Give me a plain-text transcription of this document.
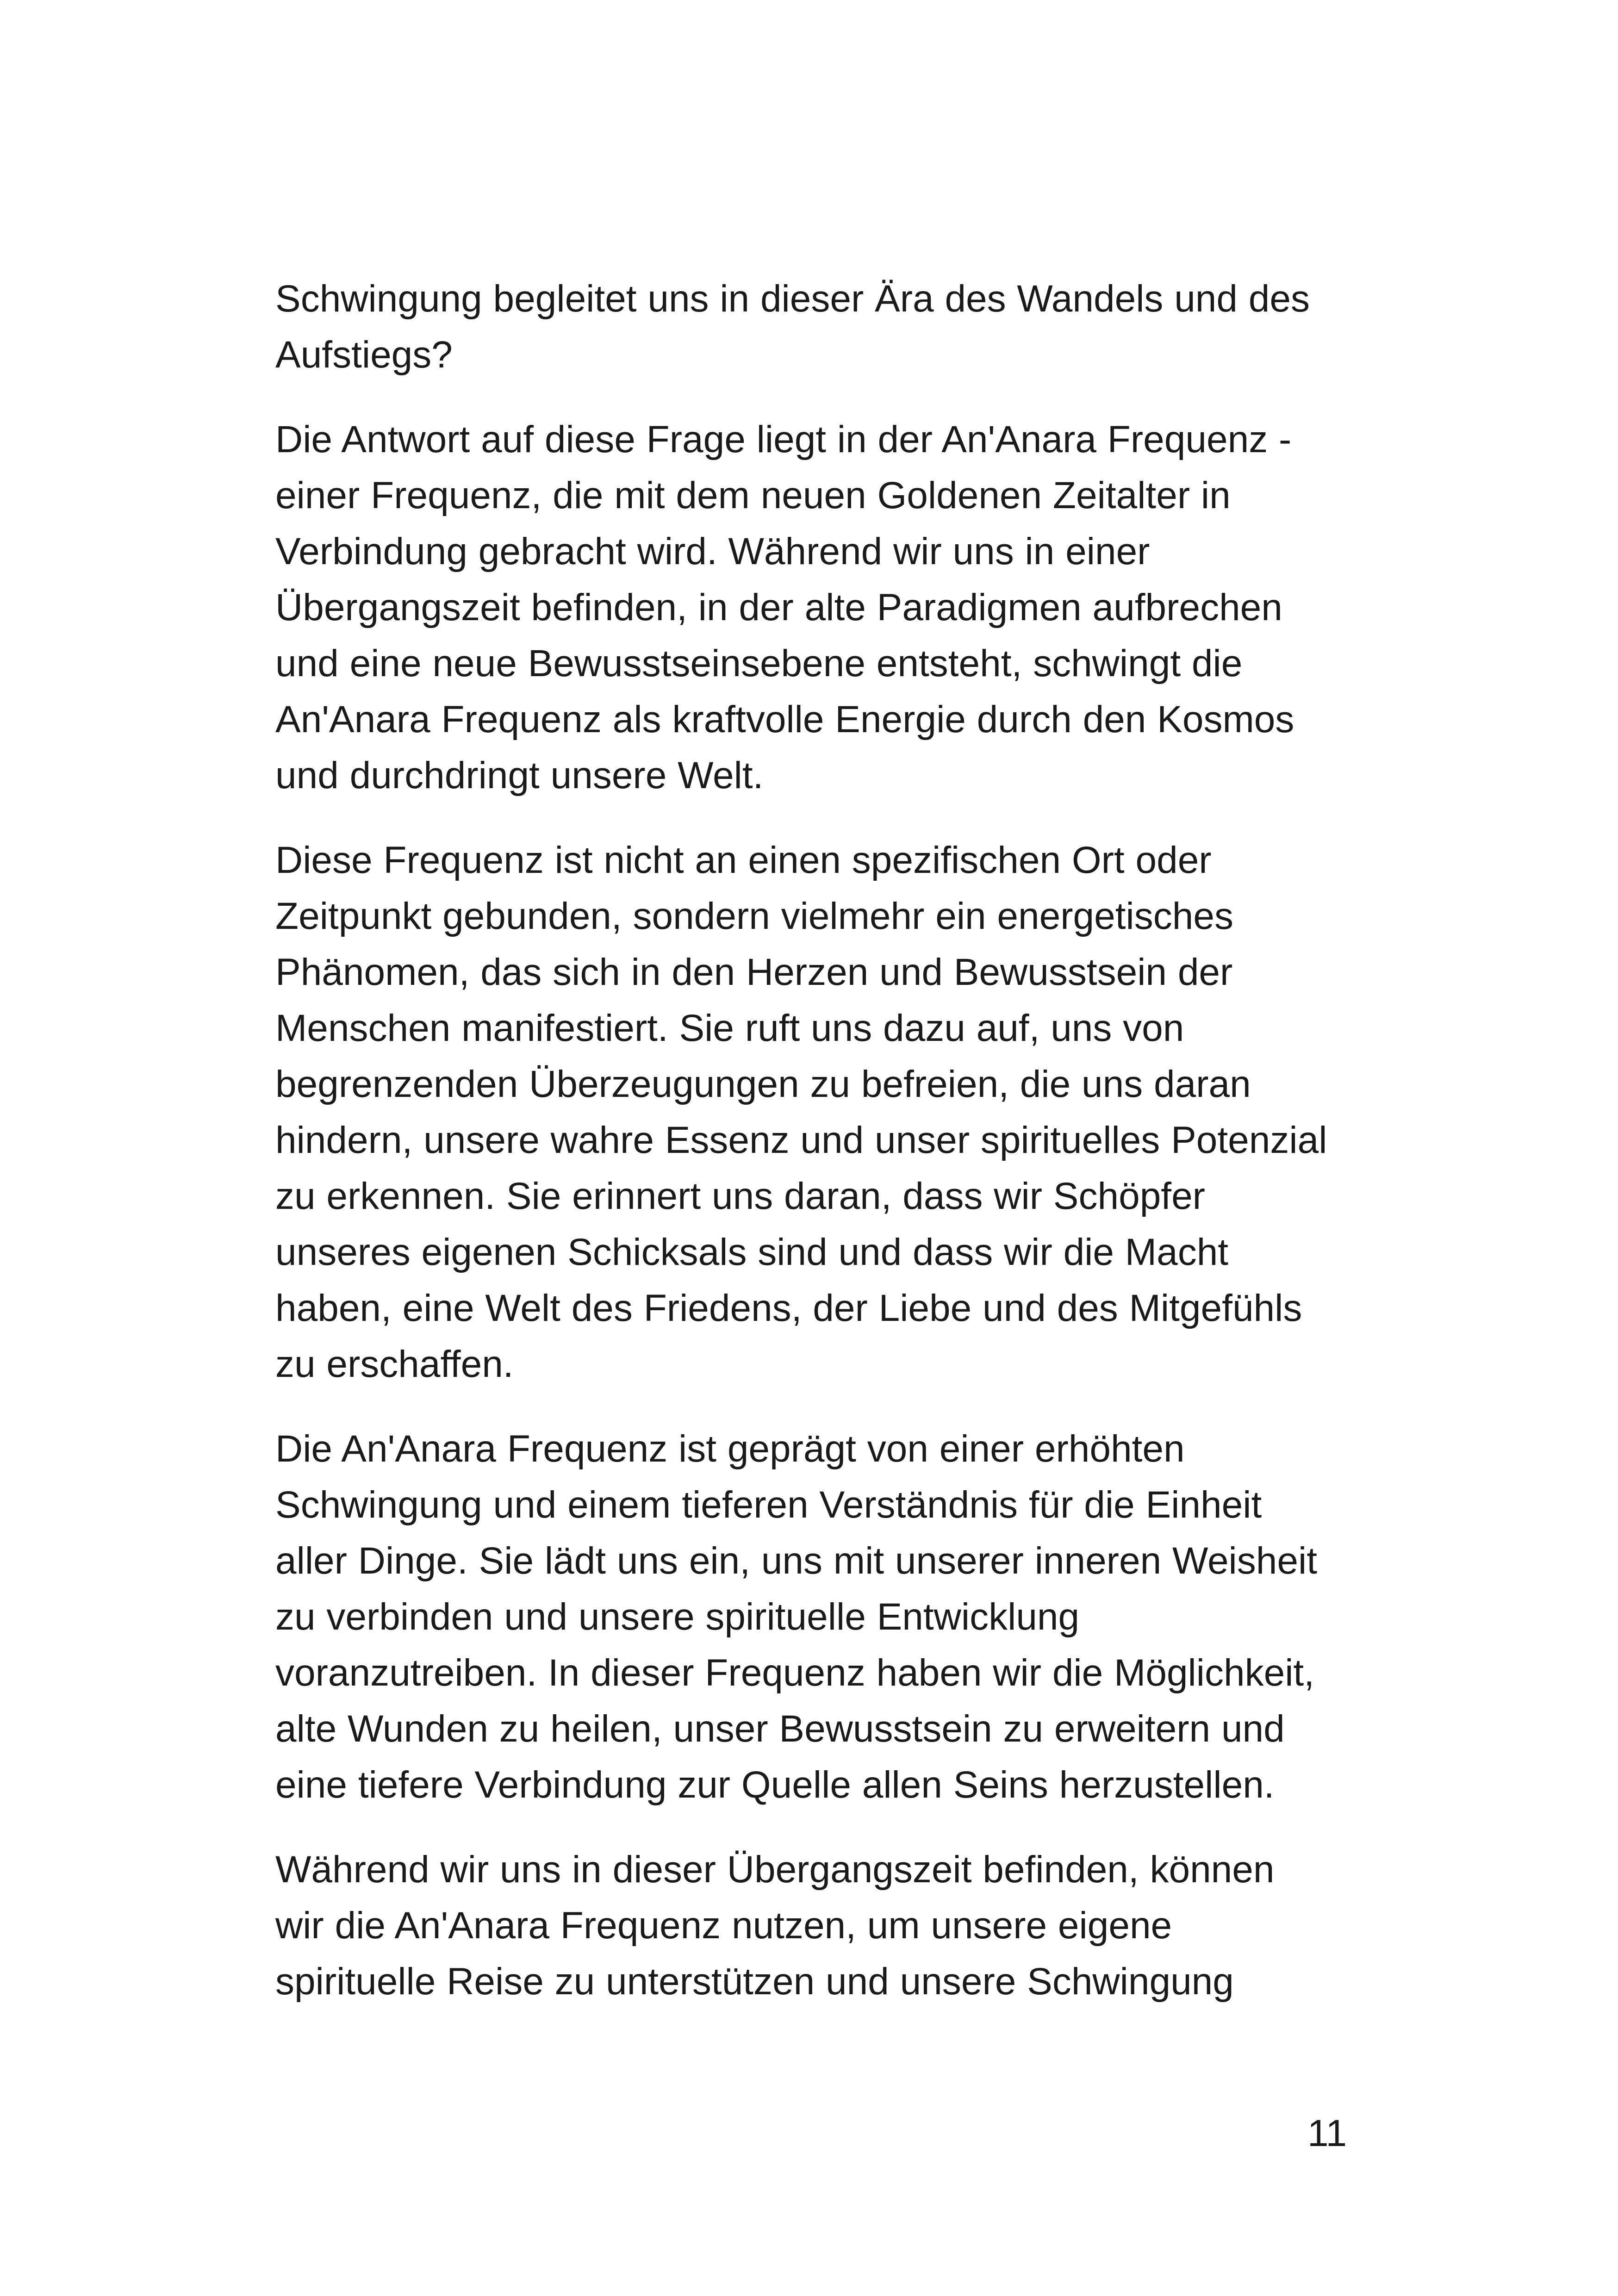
Schwingung begleitet uns in dieser Ära des Wandels und des
Aufstiegs?

Die Antwort auf diese Frage liegt in der An'Anara Frequenz -
einer Frequenz, die mit dem neuen Goldenen Zeitalter in
Verbindung gebracht wird. Während wir uns in einer
Übergangszeit befinden, in der alte Paradigmen aufbrechen
und eine neue Bewusstseinsebene entsteht, schwingt die
An'Anara Frequenz als kraftvolle Energie durch den Kosmos
und durchdringt unsere Welt.

Diese Frequenz ist nicht an einen spezifischen Ort oder
Zeitpunkt gebunden, sondern vielmehr ein energetisches
Phänomen, das sich in den Herzen und Bewusstsein der
Menschen manifestiert. Sie ruft uns dazu auf, uns von
begrenzenden Überzeugungen zu befreien, die uns daran
hindern, unsere wahre Essenz und unser spirituelles Potenzial
zu erkennen. Sie erinnert uns daran, dass wir Schöpfer
unseres eigenen Schicksals sind und dass wir die Macht
haben, eine Welt des Friedens, der Liebe und des Mitgefühls
zu erschaffen.

Die An'Anara Frequenz ist geprägt von einer erhöhten
Schwingung und einem tieferen Verständnis für die Einheit
aller Dinge. Sie lädt uns ein, uns mit unserer inneren Weisheit
zu verbinden und unsere spirituelle Entwicklung
voranzutreiben. In dieser Frequenz haben wir die Möglichkeit,
alte Wunden zu heilen, unser Bewusstsein zu erweitern und
eine tiefere Verbindung zur Quelle allen Seins herzustellen.

Während wir uns in dieser Übergangszeit befinden, können
wir die An'Anara Frequenz nutzen, um unsere eigene
spirituelle Reise zu unterstützen und unsere Schwingung

11
